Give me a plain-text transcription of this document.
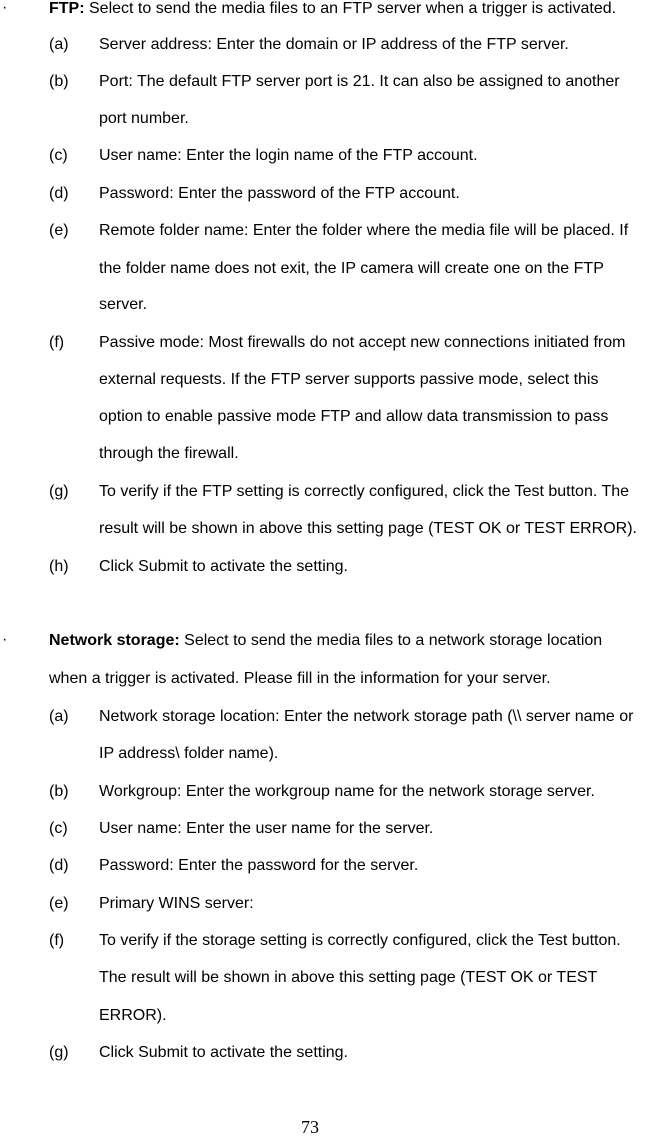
·	FTP: Select to send the media files to an FTP server when a trigger is activated.
(a) Server address: Enter the domain or IP address of the FTP server.
(b) Port: The default FTP server port is 21. It can also be assigned to another
port number.
(c) User name: Enter the login name of the FTP account.
(d) Password: Enter the password of the FTP account.
(e) Remote folder name: Enter the folder where the media file will be placed. If
the folder name does not exit, the IP camera will create one on the FTP
server.
(f) Passive mode: Most firewalls do not accept new connections initiated from
external requests. If the FTP server supports passive mode, select this
option to enable passive mode FTP and allow data transmission to pass
through the firewall.
(g) To verify if the FTP setting is correctly configured, click the Test button. The
result will be shown in above this setting page (TEST OK or TEST ERROR).
(h) Click Submit to activate the setting.
·	Network storage: Select to send the media files to a network storage location
when a trigger is activated. Please fill in the information for your server.
(a) Network storage location: Enter the network storage path (\\ server name or
IP address\ folder name).
(b) Workgroup: Enter the workgroup name for the network storage server.
(c) User name: Enter the user name for the server.
(d) Password: Enter the password for the server.
(e) Primary WINS server:
(f) To verify if the storage setting is correctly configured, click the Test button.
The result will be shown in above this setting page (TEST OK or TEST
ERROR).
(g) Click Submit to activate the setting.
73
